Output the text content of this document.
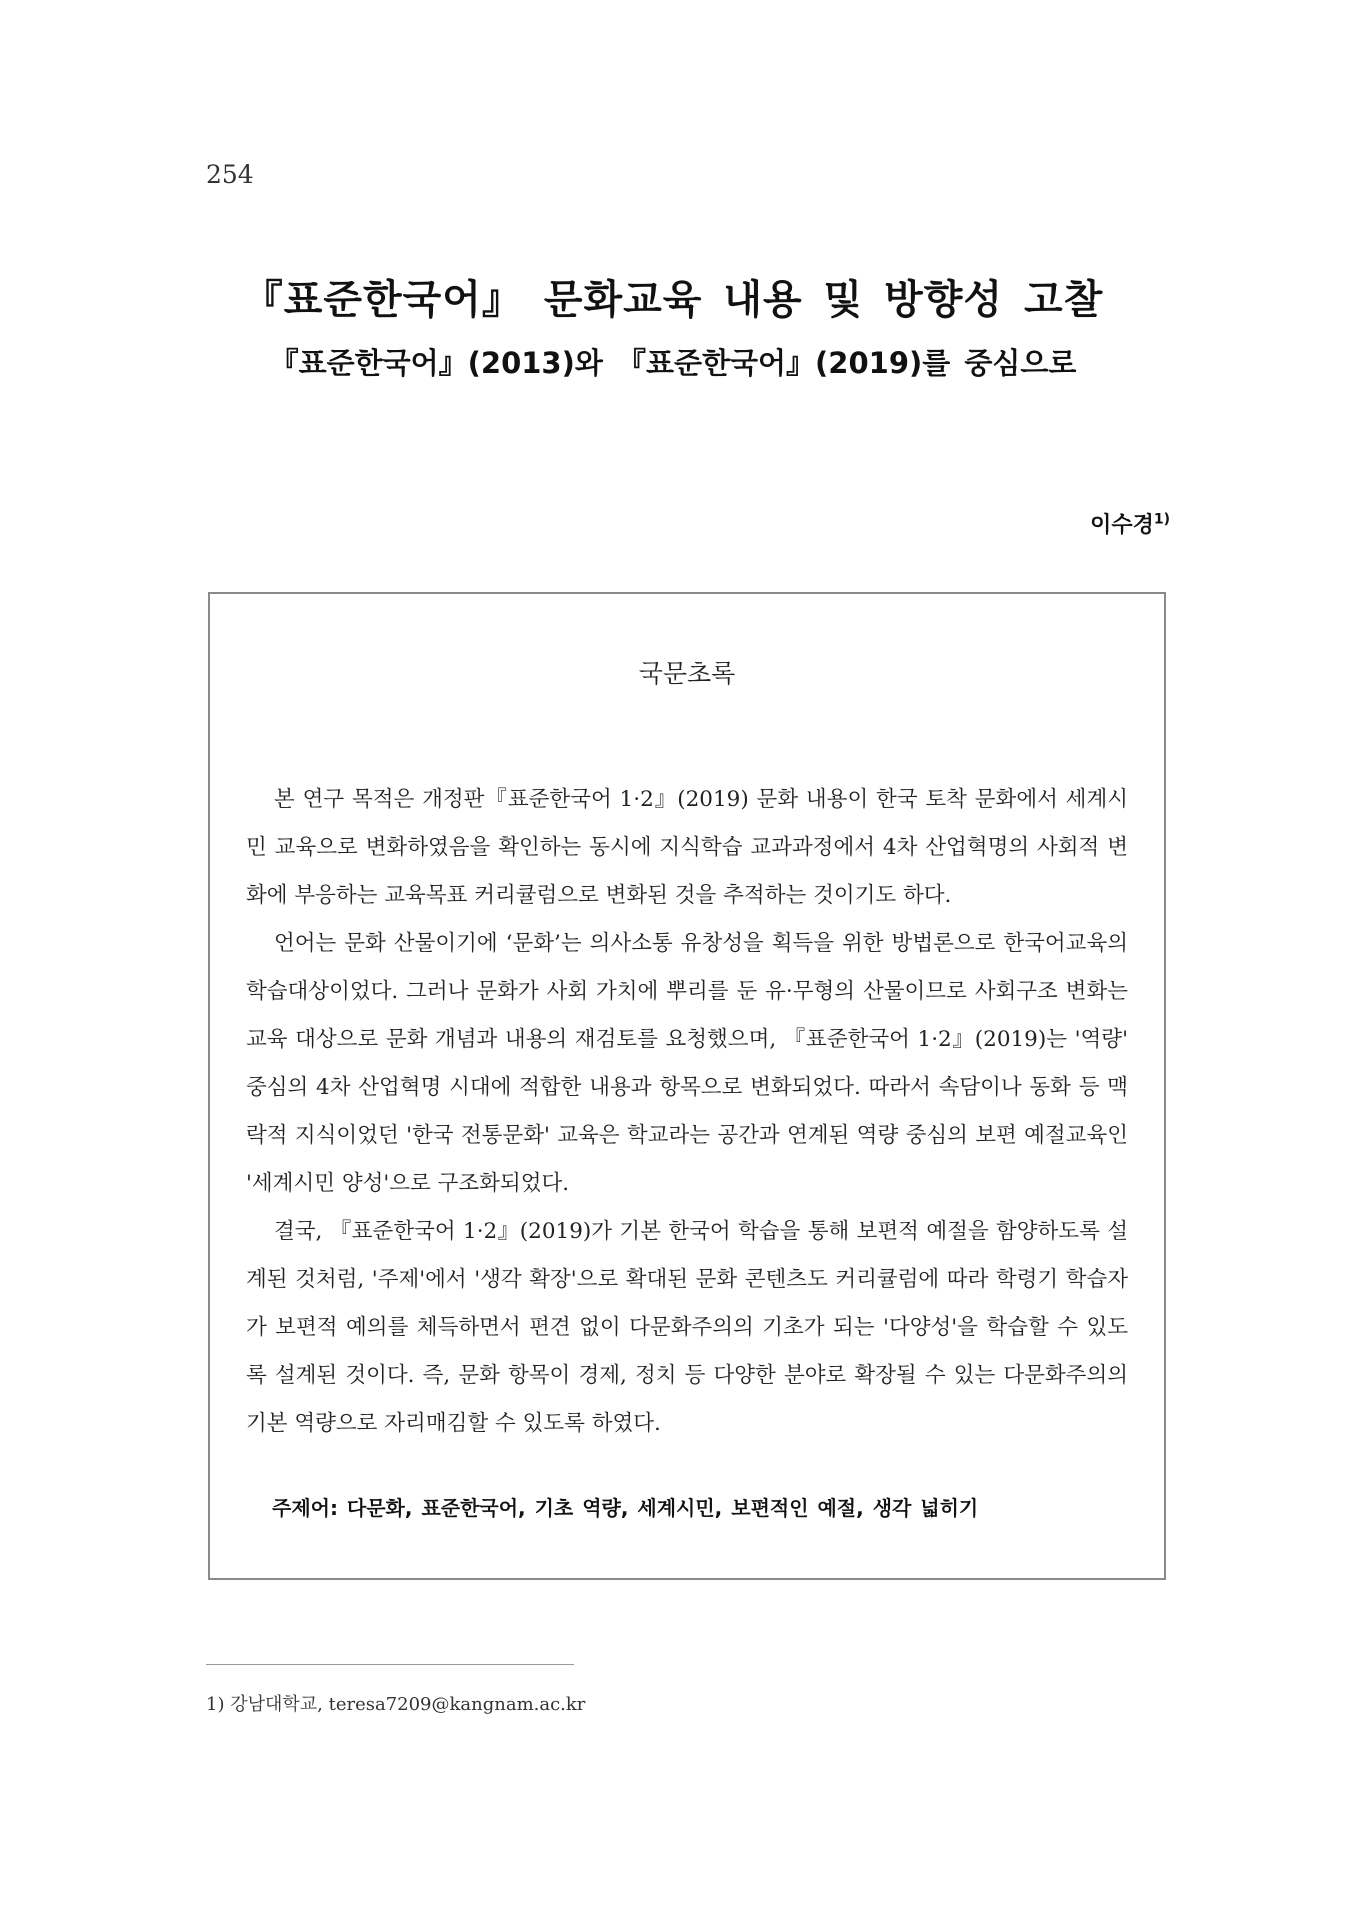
254
『표준한국어』 문화교육 내용 및 방향성 고찰
『표준한국어』(2013)와 『표준한국어』(2019)를 중심으로
이수경$^{1)}$
국문초록

본 연구 목적은 개정판『표준한국어 1·2』(2019) 문화 내용이 한국 토착 문화에서 세계시민 교육으로 변화하였음을 확인하는 동시에 지식학습 교과과정에서 4차 산업혁명의 사회적 변화에 부응하는 교육목표 커리큘럼으로 변화된 것을 추적하는 것이기도 하다.

언어는 문화 산물이기에 ‘문화’는 의사소통 유창성을 획득을 위한 방법론으로 한국어교육의 학습대상이었다. 그러나 문화가 사회 가치에 뿌리를 둔 유·무형의 산물이므로 사회구조 변화는 교육 대상으로 문화 개념과 내용의 재검토를 요청했으며, 『표준한국어 1·2』(2019)는 '역량' 중심의 4차 산업혁명 시대에 적합한 내용과 항목으로 변화되었다. 따라서 속담이나 동화 등 맥락적 지식이었던 '한국 전통문화' 교육은 학교라는 공간과 연계된 역량 중심의 보편 예절교육인 '세계시민 양성'으로 구조화되었다.

결국, 『표준한국어 1·2』(2019)가 기본 한국어 학습을 통해 보편적 예절을 함양하도록 설계된 것처럼, '주제'에서 '생각 확장'으로 확대된 문화 콘텐츠도 커리큘럼에 따라 학령기 학습자가 보편적 예의를 체득하면서 편견 없이 다문화주의의 기초가 되는 '다양성'을 학습할 수 있도록 설계된 것이다. 즉, 문화 항목이 경제, 정치 등 다양한 분야로 확장될 수 있는 다문화주의의 기본 역량으로 자리매김할 수 있도록 하였다.

주제어: 다문화, 표준한국어, 기초 역량, 세계시민, 보편적인 예절, 생각 넓히기
1) 강남대학교, teresa7209@kangnam.ac.kr
